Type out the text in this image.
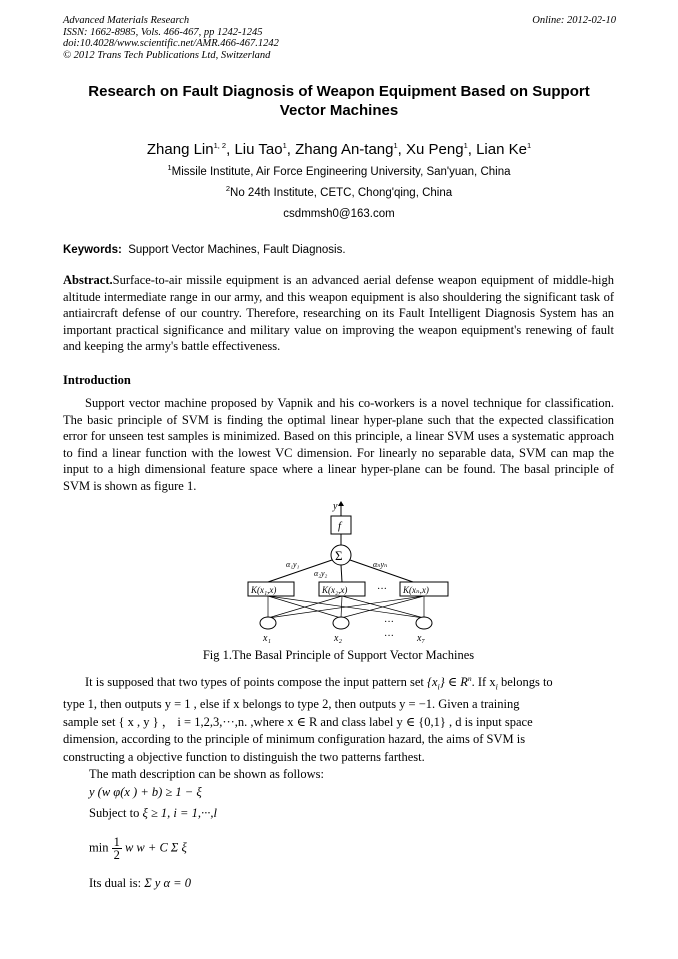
Advanced Materials Research
ISSN: 1662-8985, Vols. 466-467, pp 1242-1245
doi:10.4028/www.scientific.net/AMR.466-467.1242
© 2012 Trans Tech Publications Ltd, Switzerland
Online: 2012-02-10
Research on Fault Diagnosis of Weapon Equipment Based on Support
Vector Machines
Zhang Lin$^{1, 2}$, Liu Tao$^1$, Zhang An-tang$^1$, Xu Peng$^1$, Lian Ke$^1$
$^1$Missile Institute, Air Force Engineering University, San'yuan, China
$^2$No 24th Institute, CETC, Chong'qing, China
csdmmsh0@163.com
Keywords: Support Vector Machines, Fault Diagnosis.
Abstract.Surface-to-air missile equipment is an advanced aerial defense weapon equipment of middle-high altitude intermediate range in our army, and this weapon equipment is also shouldering the significant task of antiaircraft defense of our country. Therefore, researching on its Fault Intelligent Diagnosis System has an important practical significance and military value on improving the weapon equipment's renewing of fault and keeping the army's battle effectiveness.
Introduction
Support vector machine proposed by Vapnik and his co-workers is a novel technique for classification. The basic principle of SVM is finding the optimal linear hyper-plane such that the expected classification error for unseen test samples is minimized. Based on this principle, a linear SVM uses a systematic approach to find a linear function with the lowest VC dimension. For linearly no separable data, SVM can map the input to a high dimensional feature space where a linear hyper-plane can be found. The basal principle of SVM is shown as figure 1.
y
f
Σ
α₁y₁
α₂y₂
αₙyₙ
K(x₁,x)	K(x₂,x)	··· K(xₙ,x)
···
x₁	x₂	··· x₇
Fig 1.The Basal Principle of Support Vector Machines
It is supposed that two types of points compose the input pattern set $\{x_i\}$ ∈ $R^n$. If $x_i$ belongs to
type 1, then outputs y = 1 , else if x belongs to type 2, then outputs y = −1. Given a training
sample set { x , y } ， i = 1,2,3,···,n. ,where x ∈ R and class label y ∈ {0,1} , d is input space
dimension, according to the principle of minimum configuration hazard, the aims of SVM is
constructing a objective function to distinguish the two patterns farthest.
The math description can be shown as follows:
y (w φ(x ) + b) ≥ 1 − ξ
Subject to ξ ≥ 1, i = 1,···,l
min 1
2 w w + C Σ ξ
Its dual is: Σ y α = 0
